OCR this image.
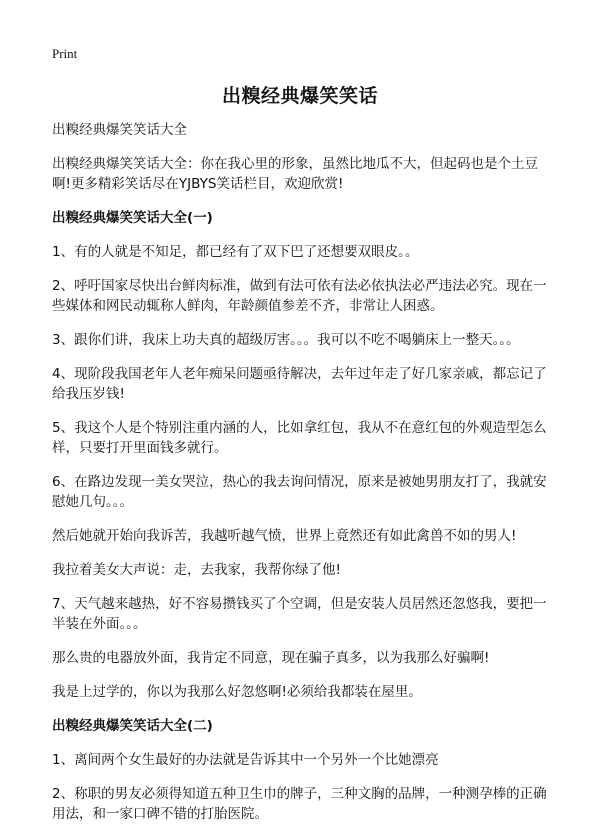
Print
出糗经典爆笑笑话

出糗经典爆笑笑话大全

出糗经典爆笑笑话大全：你在我心里的形象，虽然比地瓜不大，但起码也是个土豆啊!更多精彩笑话尽在YJBYS笑话栏目，欢迎欣赏!

出糗经典爆笑笑话大全(一)

1、有的人就是不知足，都已经有了双下巴了还想要双眼皮。。

2、呼吁国家尽快出台鲜肉标准，做到有法可依有法必依执法必严违法必究。现在一些媒体和网民动辄称人鲜肉，年龄颜值参差不齐，非常让人困惑。

3、跟你们讲，我床上功夫真的超级厉害。。。我可以不吃不喝躺床上一整天。。。

4、现阶段我国老年人老年痴呆问题亟待解决，去年过年走了好几家亲戚，都忘记了给我压岁钱!

5、我这个人是个特别注重内涵的人，比如拿红包，我从不在意红包的外观造型怎么样，只要打开里面钱多就行。

6、在路边发现一美女哭泣，热心的我去询问情况，原来是被她男朋友打了，我就安慰她几句。。。

然后她就开始向我诉苦，我越听越气愤，世界上竟然还有如此禽兽不如的男人!

我拉着美女大声说：走，去我家，我帮你绿了他!

7、天气越来越热，好不容易攒钱买了个空调，但是安装人员居然还忽悠我，要把一半装在外面。。。

那么贵的电器放外面，我肯定不同意，现在骗子真多，以为我那么好骗啊!

我是上过学的，你以为我那么好忽悠啊!必须给我都装在屋里。

出糗经典爆笑笑话大全(二)

1、离间两个女生最好的办法就是告诉其中一个另外一个比她漂亮

2、称职的男友必须得知道五种卫生巾的牌子，三种文胸的品牌，一种测孕棒的正确用法，和一家口碑不错的打胎医院。
